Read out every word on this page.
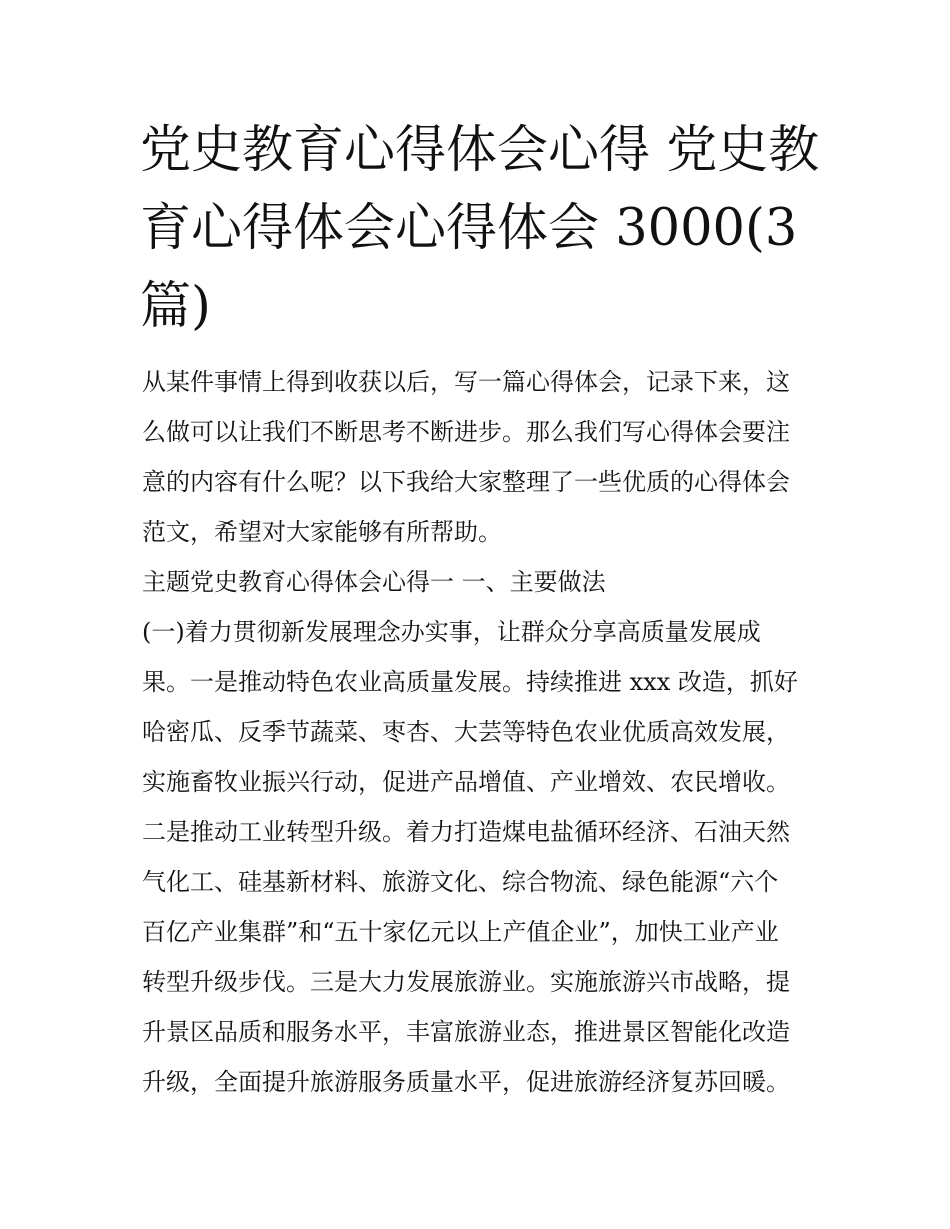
党史教育心得体会心得 党史教
育心得体会心得体会 3000(3
篇)
从某件事情上得到收获以后，写一篇心得体会，记录下来，这
么做可以让我们不断思考不断进步。那么我们写心得体会要注
意的内容有什么呢？以下我给大家整理了一些优质的心得体会
范文，希望对大家能够有所帮助。
主题党史教育心得体会心得一 一、主要做法
(一)着力贯彻新发展理念办实事，让群众分享高质量发展成
果。一是推动特色农业高质量发展。持续推进 xxx 改造，抓好
哈密瓜、反季节蔬菜、枣杏、大芸等特色农业优质高效发展，
实施畜牧业振兴行动，促进产品增值、产业增效、农民增收。
二是推动工业转型升级。着力打造煤电盐循环经济、石油天然
气化工、硅基新材料、旅游文化、综合物流、绿色能源“六个
百亿产业集群”和“五十家亿元以上产值企业”，加快工业产业
转型升级步伐。三是大力发展旅游业。实施旅游兴市战略，提
升景区品质和服务水平，丰富旅游业态，推进景区智能化改造
升级，全面提升旅游服务质量水平，促进旅游经济复苏回暖。
